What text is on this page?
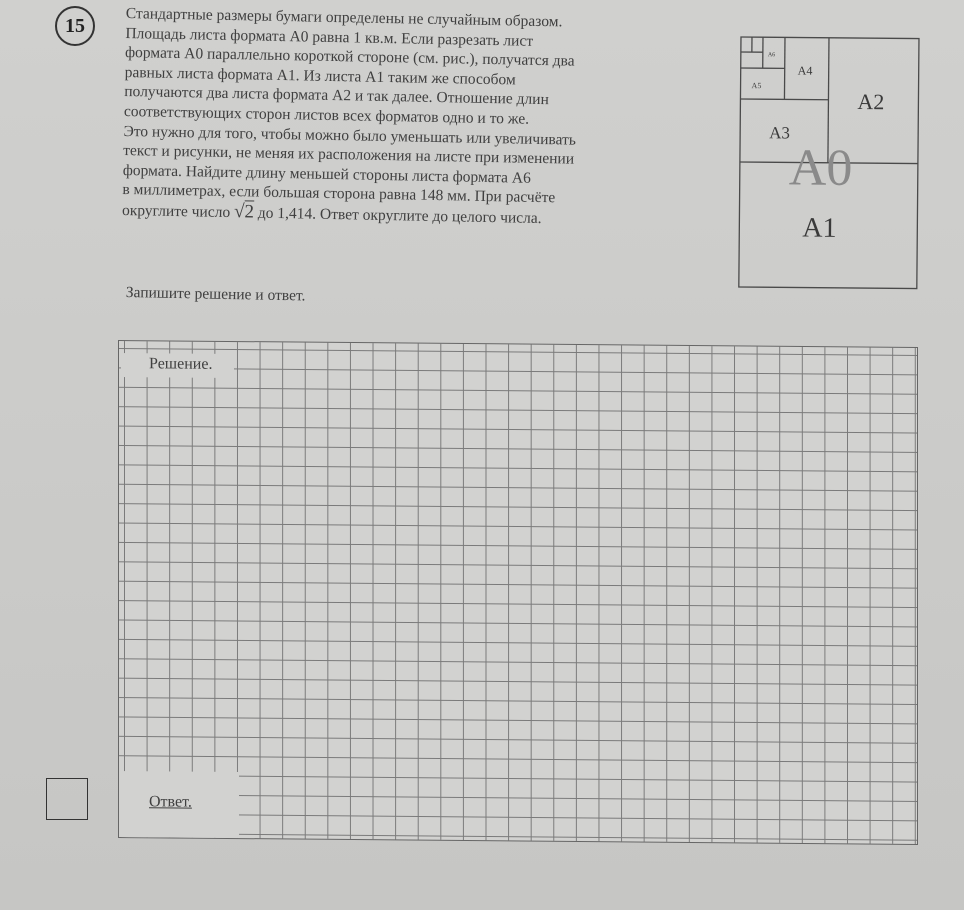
15	Стандартные размеры бумаги определены не случайным образом.

Площадь листа формата А0 равна 1 кв.м. Если разрезать лист

формата А0 параллельно короткой стороне (см. рис.), получатся два

равных листа формата А1. Из листа А1 таким же способом

получаются два листа формата А2 и так далее. Отношение длин

соответствующих сторон листов всех форматов одно и то же.

Это нужно для того, чтобы можно было уменьшать или увеличивать

текст и рисунки, не меняя их расположения на листе при изменении

формата. Найдите длину меньшей стороны листа формата А6

в миллиметрах, если большая сторона равна 148 мм. При расчёте

округлите число √2 до 1,414. Ответ округлите до целого числа.

Запишите решение и ответ.
А0
А1
А2
А3
А4
А5
А6
Решение.
Ответ.
